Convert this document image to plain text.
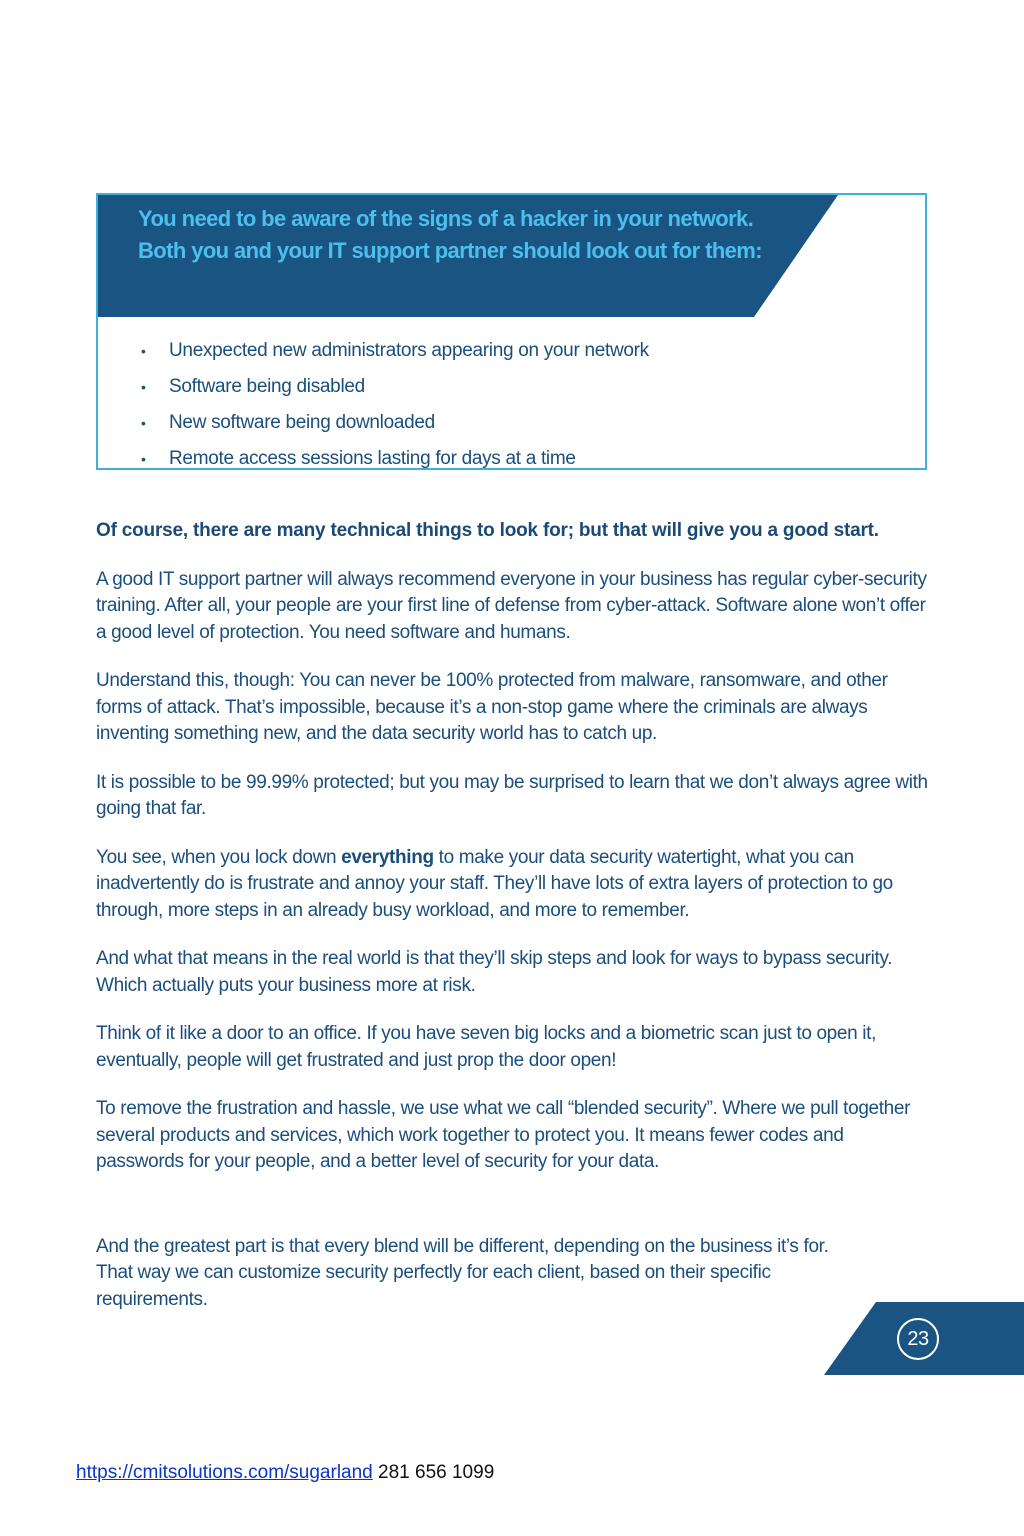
You need to be aware of the signs of a hacker in your network. Both you and your IT support partner should look out for them:
• Unexpected new administrators appearing on your network
• Software being disabled
• New software being downloaded
• Remote access sessions lasting for days at a time

Of course, there are many technical things to look for; but that will give you a good start.

A good IT support partner will always recommend everyone in your business has regular cyber-security training. After all, your people are your first line of defense from cyber-attack. Software alone won’t offer a good level of protection. You need software and humans.

Understand this, though: You can never be 100% protected from malware, ransomware, and other forms of attack. That’s impossible, because it’s a non-stop game where the criminals are always inventing something new, and the data security world has to catch up.

It is possible to be 99.99% protected; but you may be surprised to learn that we don’t always agree with going that far.

You see, when you lock down everything to make your data security watertight, what you can inadvertently do is frustrate and annoy your staff. They’ll have lots of extra layers of protection to go through, more steps in an already busy workload, and more to remember.

And what that means in the real world is that they’ll skip steps and look for ways to bypass security. Which actually puts your business more at risk.

Think of it like a door to an office. If you have seven big locks and a biometric scan just to open it, eventually, people will get frustrated and just prop the door open!

To remove the frustration and hassle, we use what we call “blended security”. Where we pull together several products and services, which work together to protect you. It means fewer codes and passwords for your people, and a better level of security for your data.

And the greatest part is that every blend will be different, depending on the business it’s for. That way we can customize security perfectly for each client, based on their specific requirements.

23
https://cmitsolutions.com/sugarland 281 656 1099
